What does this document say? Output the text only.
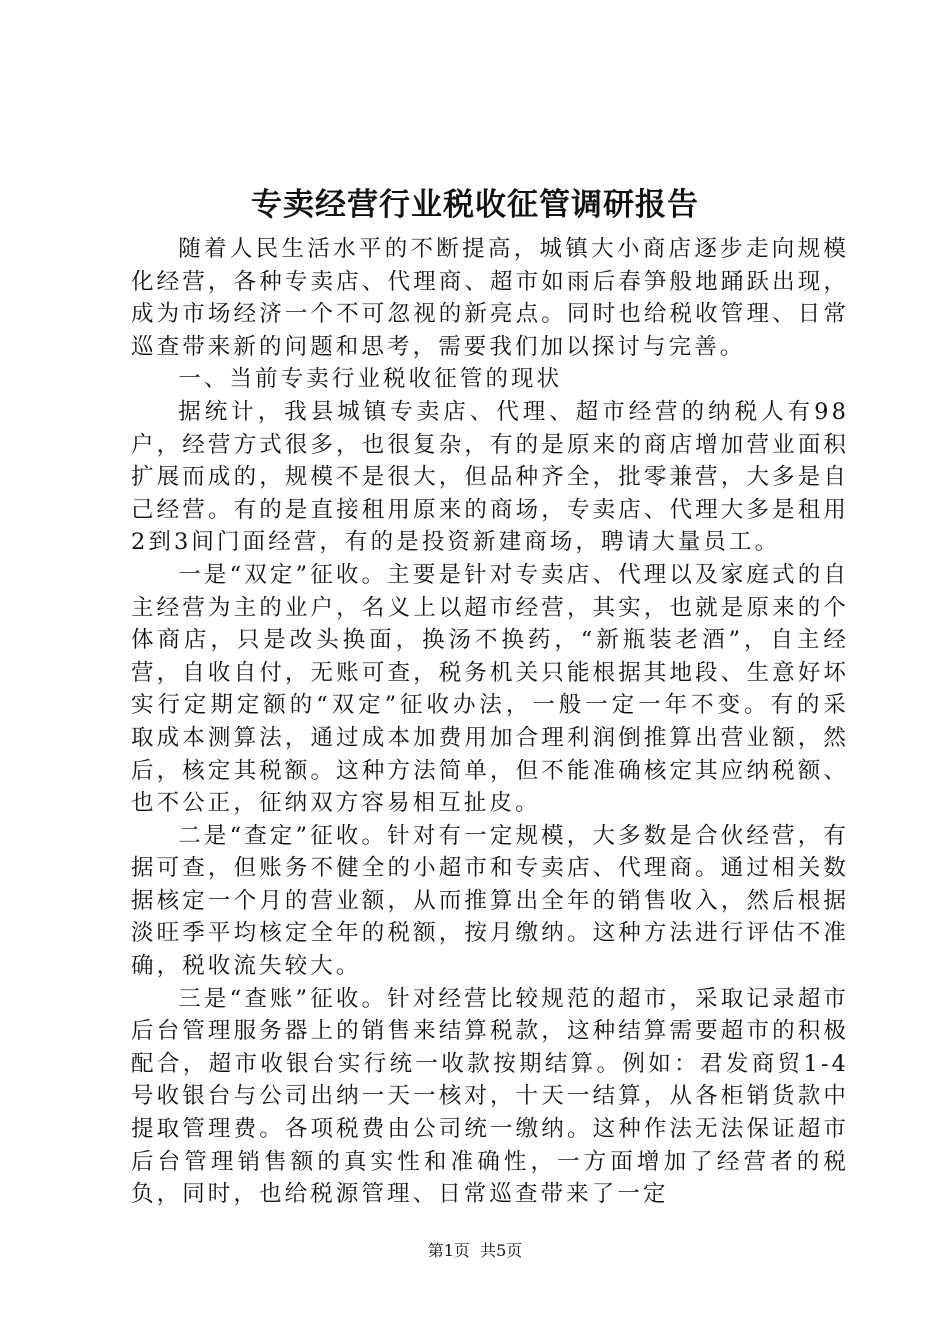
专卖经营行业税收征管调研报告

随着人民生活水平的不断提高，城镇大小商店逐步走向规模化经营，各种专卖店、代理商、超市如雨后春笋般地踊跃出现，成为市场经济一个不可忽视的新亮点。同时也给税收管理、日常巡查带来新的问题和思考，需要我们加以探讨与完善。

一、当前专卖行业税收征管的现状

据统计，我县城镇专卖店、代理、超市经营的纳税人有98户，经营方式很多，也很复杂，有的是原来的商店增加营业面积扩展而成的，规模不是很大，但品种齐全，批零兼营，大多是自己经营。有的是直接租用原来的商场，专卖店、代理大多是租用2到3间门面经营，有的是投资新建商场，聘请大量员工。

一是“双定”征收。主要是针对专卖店、代理以及家庭式的自主经营为主的业户，名义上以超市经营，其实，也就是原来的个体商店，只是改头换面，换汤不换药，“新瓶装老酒”，自主经营，自收自付，无账可查，税务机关只能根据其地段、生意好坏实行定期定额的“双定”征收办法，一般一定一年不变。有的采取成本测算法，通过成本加费用加合理利润倒推算出营业额，然后，核定其税额。这种方法简单，但不能准确核定其应纳税额、也不公正，征纳双方容易相互扯皮。

二是“查定”征收。针对有一定规模，大多数是合伙经营，有据可查，但账务不健全的小超市和专卖店、代理商。通过相关数据核定一个月的营业额，从而推算出全年的销售收入，然后根据淡旺季平均核定全年的税额，按月缴纳。这种方法进行评估不准确，税收流失较大。

三是“查账”征收。针对经营比较规范的超市，采取记录超市后台管理服务器上的销售来结算税款，这种结算需要超市的积极配合，超市收银台实行统一收款按期结算。例如：君发商贸1-4号收银台与公司出纳一天一核对，十天一结算，从各柜销货款中提取管理费。各项税费由公司统一缴纳。这种作法无法保证超市后台管理销售额的真实性和准确性，一方面增加了经营者的税负，同时，也给税源管理、日常巡查带来了一定

第1页  共5页
